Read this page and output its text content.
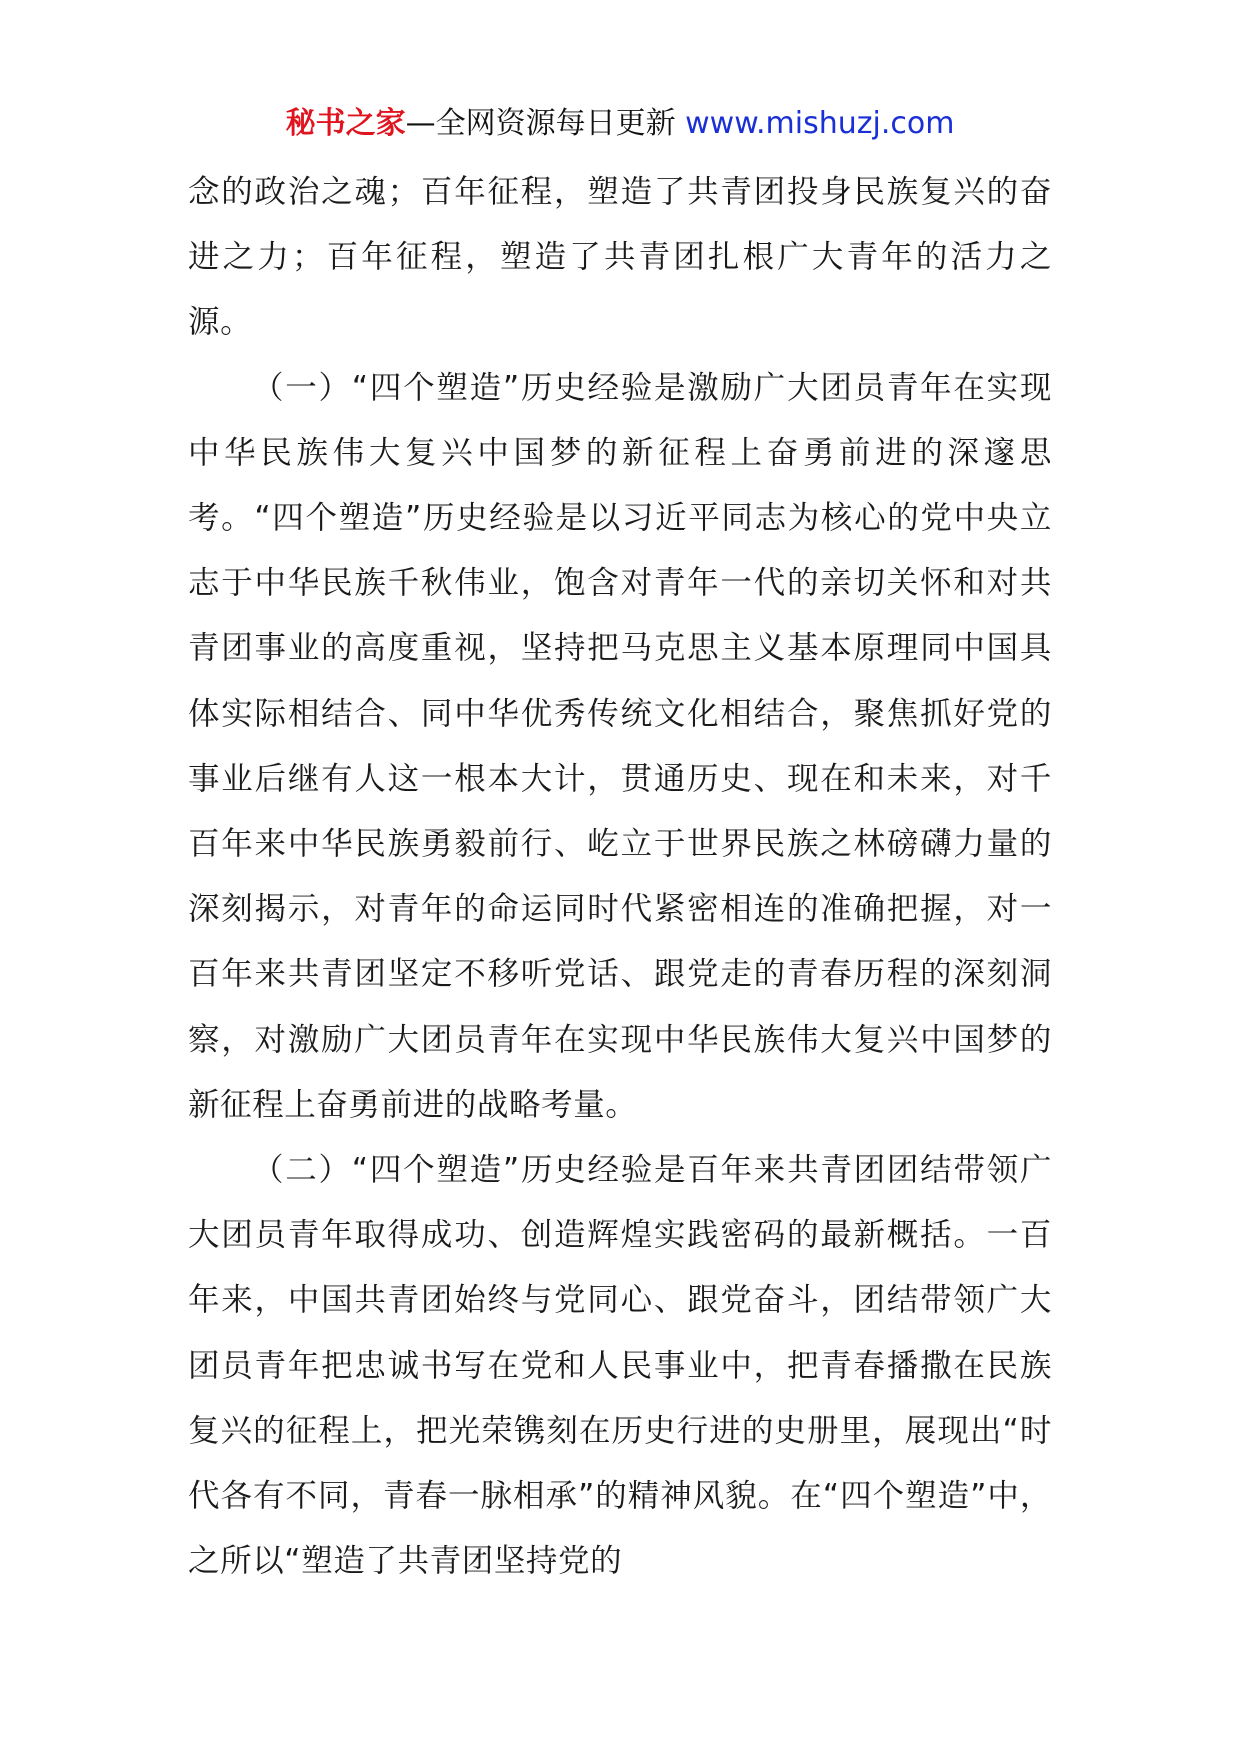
秘书之家—全网资源每日更新 www.mishuzj.com

念的政治之魂；百年征程，塑造了共青团投身民族复兴的奋进之力；百年征程，塑造了共青团扎根广大青年的活力之源。

（一）“四个塑造”历史经验是激励广大团员青年在实现中华民族伟大复兴中国梦的新征程上奋勇前进的深邃思考。“四个塑造”历史经验是以习近平同志为核心的党中央立志于中华民族千秋伟业，饱含对青年一代的亲切关怀和对共青团事业的高度重视，坚持把马克思主义基本原理同中国具体实际相结合、同中华优秀传统文化相结合，聚焦抓好党的事业后继有人这一根本大计，贯通历史、现在和未来，对千百年来中华民族勇毅前行、屹立于世界民族之林磅礴力量的深刻揭示，对青年的命运同时代紧密相连的准确把握，对一百年来共青团坚定不移听党话、跟党走的青春历程的深刻洞察，对激励广大团员青年在实现中华民族伟大复兴中国梦的新征程上奋勇前进的战略考量。

（二）“四个塑造”历史经验是百年来共青团团结带领广大团员青年取得成功、创造辉煌实践密码的最新概括。一百年来，中国共青团始终与党同心、跟党奋斗，团结带领广大团员青年把忠诚书写在党和人民事业中，把青春播撒在民族复兴的征程上，把光荣镌刻在历史行进的史册里，展现出“时代各有不同，青春一脉相承”的精神风貌。在“四个塑造”中，之所以“塑造了共青团坚持党的
